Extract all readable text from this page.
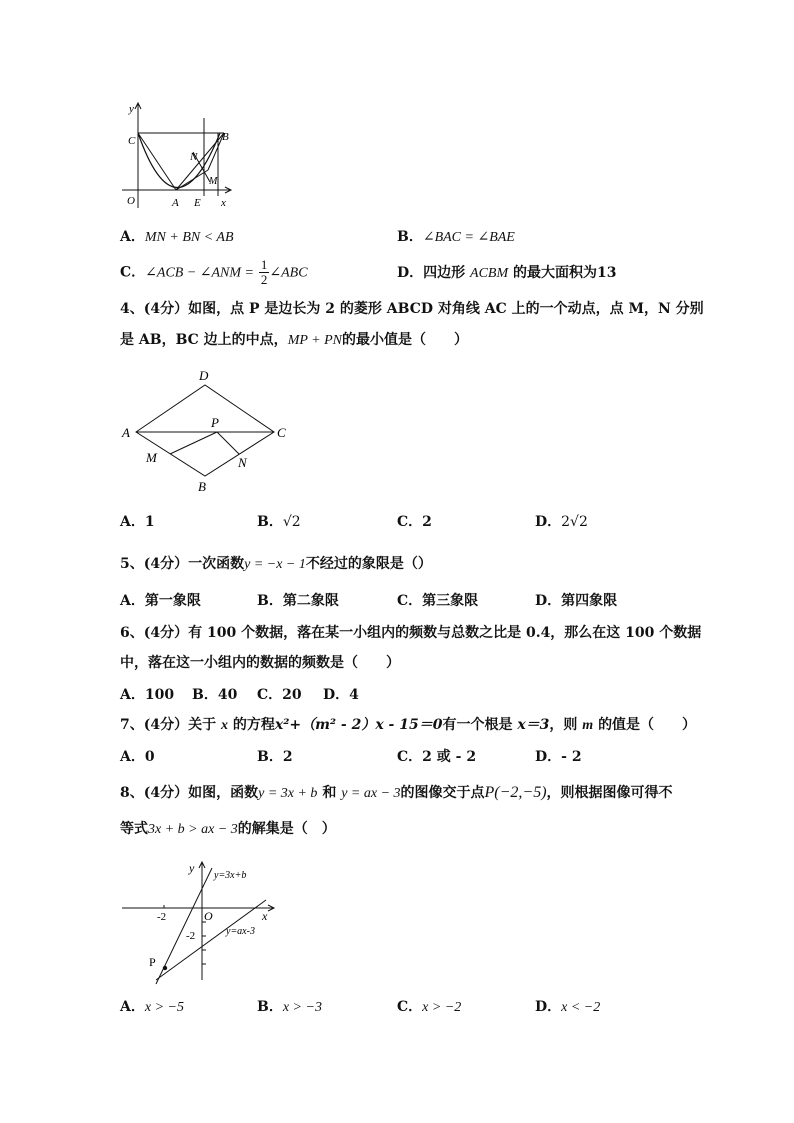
y
x
C	B
N
M
O	A E
A．MN + BN < AB	B．∠BAC = ∠BAE
C．∠ACB − ∠ANM = $\frac{1}{2}$ ∠ABC	D．四边形 ACBM 的最大面积为13
4、(4分）如图，点 P 是边长为 2 的菱形 ABCD 对角线 AC 上的一个动点，点 M，N 分别
是 AB，BC 边上的中点，MP + PN的最小值是（　　）
D
A
P
C
M	N
B
A．1	B．√2	C．2	D．2√2
5、(4分）一次函数y = −x − 1不经过的象限是（）
A．第一象限	B．第二象限	C．第三象限	D．第四象限
6、(4分）有 100 个数据，落在某一小组内的频数与总数之比是 0.4，那么在这 100 个数据
中，落在这一小组内的数据的频数是（　　）
A．100 B．40 C．20 D．4
7、(4分）关于 x 的方程x²+（m² - 2）x - 15＝0有一个根是 x＝3，则 m 的值是（　　）
A．0	B．2	C．2 或 - 2	D．- 2
8、(4分）如图，函数y = 3x + b 和 y = ax − 3的图像交于点P(−2,−5)，则根据图像可得不
等式3x + b > ax − 3的解集是（　）
y
x
O
-2
-2
P
y=3x+b
y=ax-3
A．x > −5	B．x > −3	C．x > −2	D．x < −2
